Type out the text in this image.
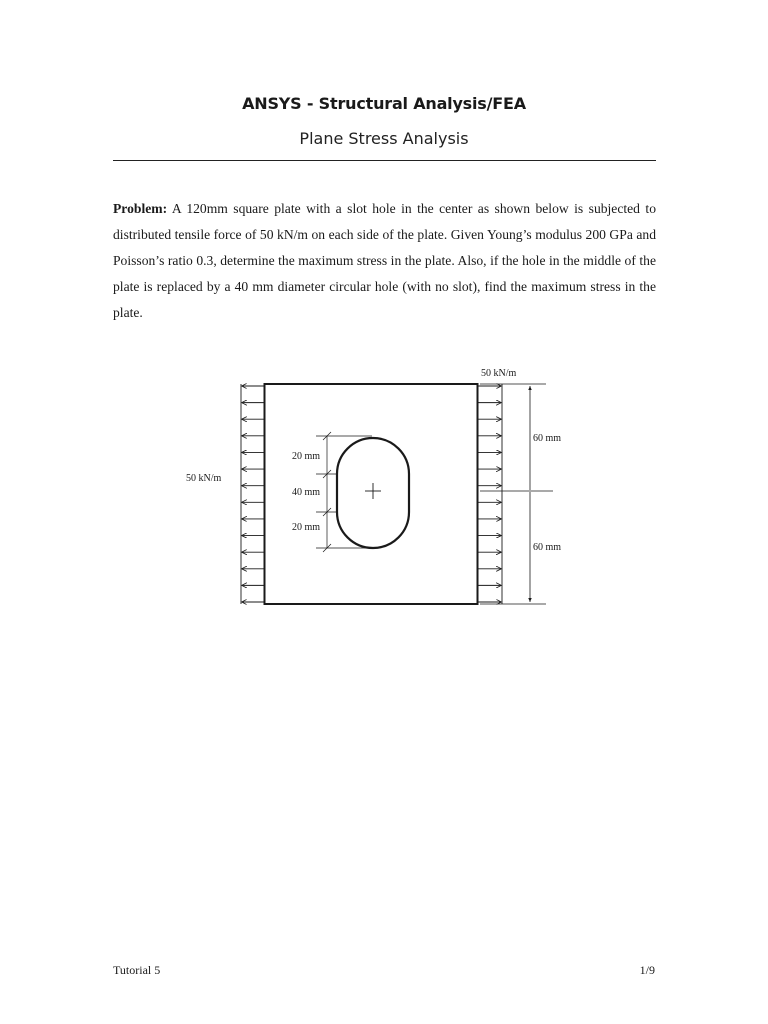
ANSYS - Structural Analysis/FEA
Plane Stress Analysis
Problem: A 120mm square plate with a slot hole in the center as shown below is subjected to distributed tensile force of 50 kN/m on each side of the plate. Given Young’s modulus 200 GPa and Poisson’s ratio 0.3, determine the maximum stress in the plate. Also, if the hole in the middle of the plate is replaced by a 40 mm diameter circular hole (with no slot), find the maximum stress in the plate.
50 kN/m
50 kN/m
60 mm
60 mm
20 mm
40 mm
20 mm
Tutorial 5	1/9
